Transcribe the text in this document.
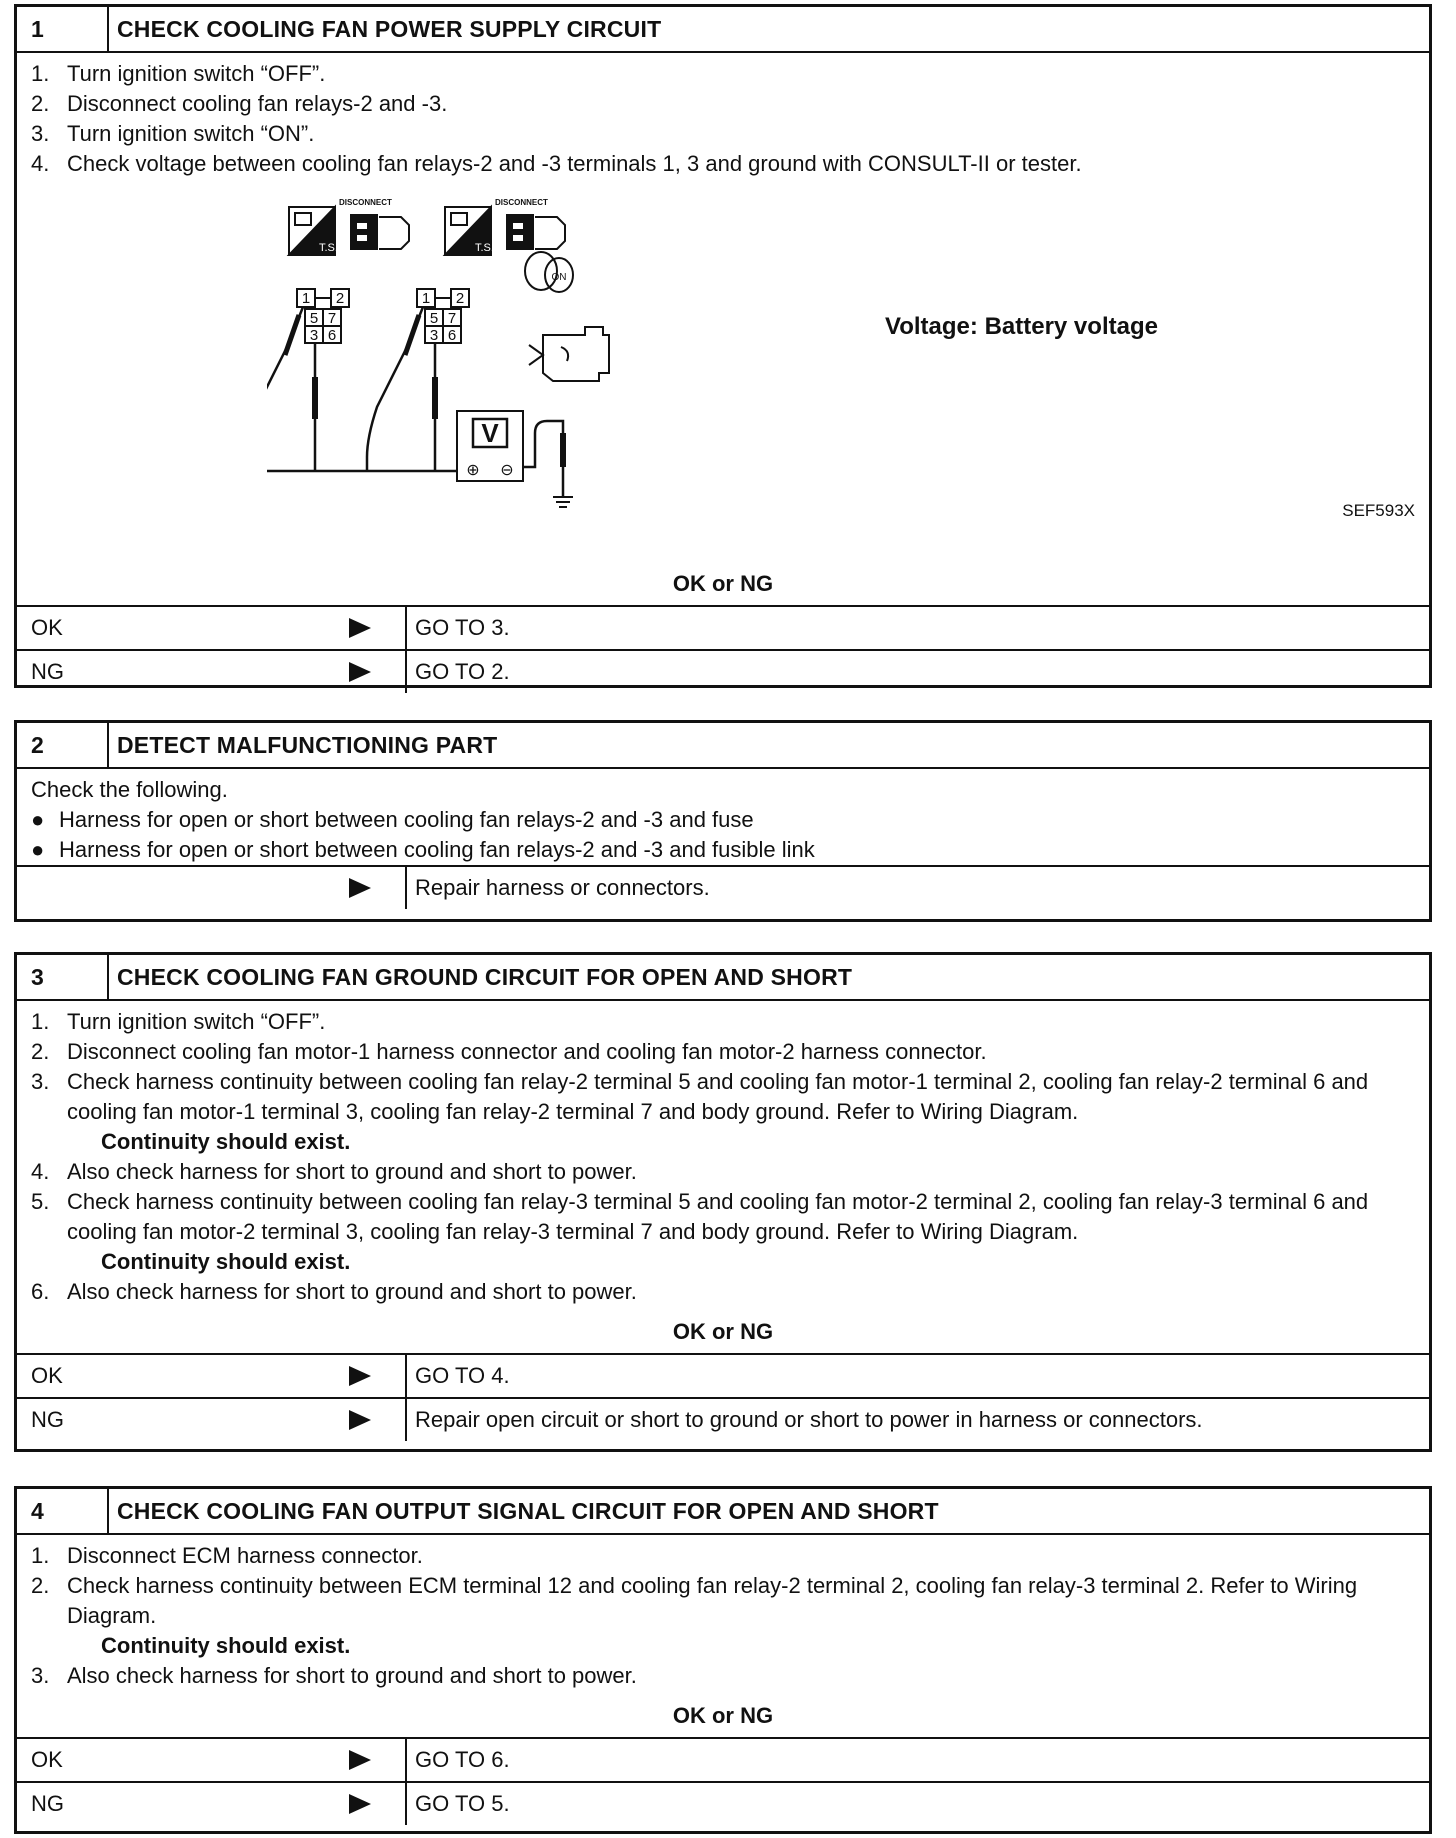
1	CHECK COOLING FAN POWER SUPPLY CIRCUIT
1. Turn ignition switch “OFF”.
2. Disconnect cooling fan relays-2 and -3.
3. Turn ignition switch “ON”.
4. Check voltage between cooling fan relays-2 and -3 terminals 1, 3 and ground with CONSULT-II or tester.
T.S.
DISCONNECT
T.S.
DISCONNECT
1 2
5 7
3 6
1 2
5 7
3 6
V
⊕ ⊖
ON
Voltage: Battery voltage
SEF593X
OK or NG
OK	GO TO 3.
NG	GO TO 2.
2	DETECT MALFUNCTIONING PART
Check the following.
● Harness for open or short between cooling fan relays-2 and -3 and fuse
● Harness for open or short between cooling fan relays-2 and -3 and fusible link
Repair harness or connectors.
3	CHECK COOLING FAN GROUND CIRCUIT FOR OPEN AND SHORT
1. Turn ignition switch “OFF”.
2. Disconnect cooling fan motor-1 harness connector and cooling fan motor-2 harness connector.
3. Check harness continuity between cooling fan relay-2 terminal 5 and cooling fan motor-1 terminal 2, cooling fan relay-2 terminal 6 and cooling fan motor-1 terminal 3, cooling fan relay-2 terminal 7 and body ground. Refer to Wiring Diagram.
Continuity should exist.
4. Also check harness for short to ground and short to power.
5. Check harness continuity between cooling fan relay-3 terminal 5 and cooling fan motor-2 terminal 2, cooling fan relay-3 terminal 6 and cooling fan motor-2 terminal 3, cooling fan relay-3 terminal 7 and body ground. Refer to Wiring Diagram.
Continuity should exist.
6. Also check harness for short to ground and short to power.
OK or NG
OK	GO TO 4.
NG	Repair open circuit or short to ground or short to power in harness or connectors.
4	CHECK COOLING FAN OUTPUT SIGNAL CIRCUIT FOR OPEN AND SHORT
1. Disconnect ECM harness connector.
2. Check harness continuity between ECM terminal 12 and cooling fan relay-2 terminal 2, cooling fan relay-3 terminal 2. Refer to Wiring Diagram.
Continuity should exist.
3. Also check harness for short to ground and short to power.
OK or NG
OK	GO TO 6.
NG	GO TO 5.
